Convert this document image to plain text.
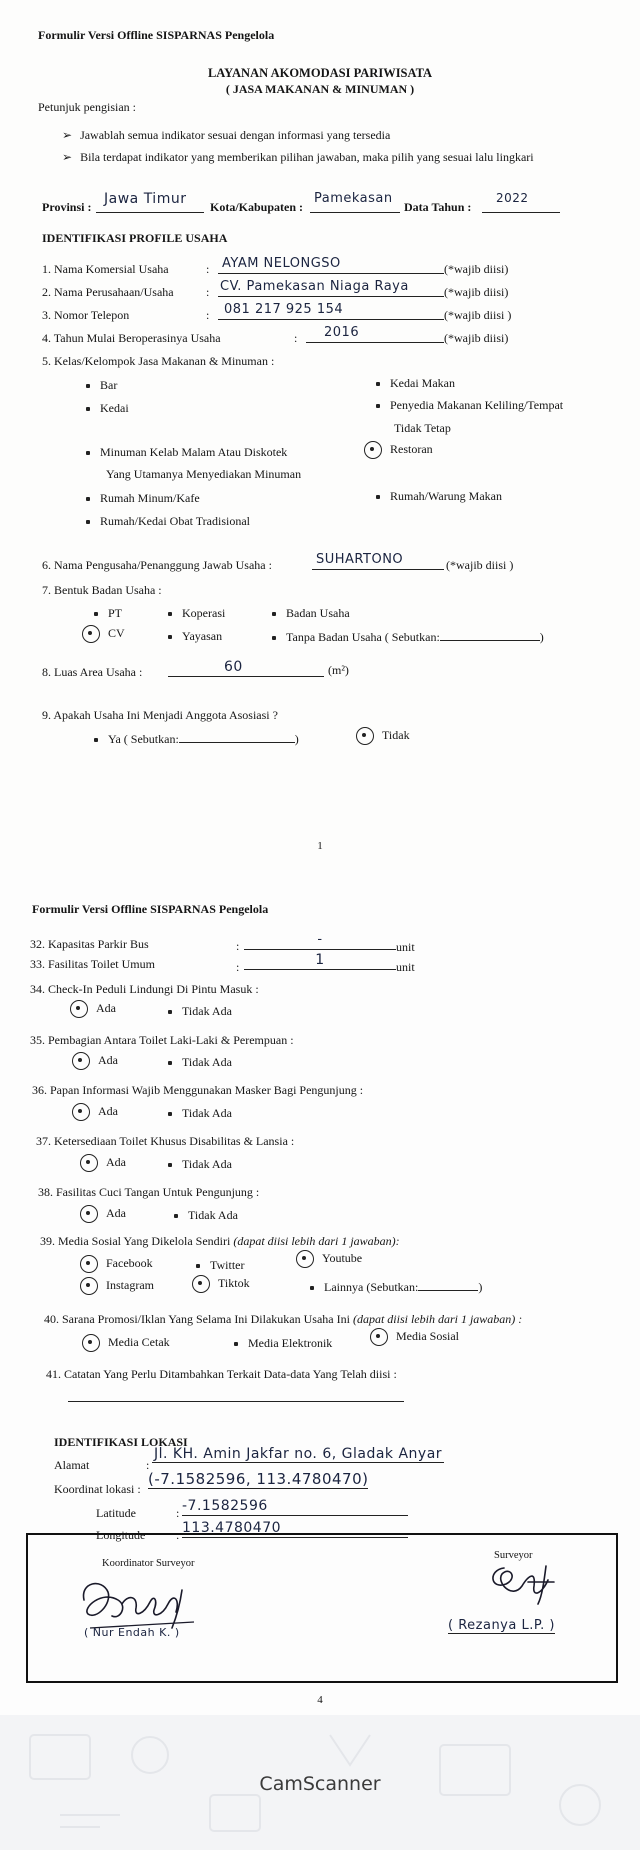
Formulir Versi Offline SISPARNAS Pengelola
LAYANAN AKOMODASI PARIWISATA
( JASA MAKANAN & MINUMAN )
Petunjuk pengisian :
➢ Jawablah semua indikator sesuai dengan informasi yang tersedia
➢ Bila terdapat indikator yang memberikan pilihan jawaban, maka pilih yang sesuai lalu lingkari
Provinsi : Jawa Timur	Kota/Kabupaten :
Pamekasan
Data Tahun :
2022
IDENTIFIKASI PROFILE USAHA
1. Nama Komersial Usaha	: AYAM NELONGSO	(*wajib diisi)
2. Nama Perusahaan/Usaha	: CV. Pamekasan Niaga Raya	(*wajib diisi)
3. Nomor Telepon	:	081 217 925 154	(*wajib diisi )
4. Tahun Mulai Beroperasinya Usaha	:	2016	(*wajib diisi)
5. Kelas/Kelompok Jasa Makanan & Minuman :
Bar
Kedai
Minuman Kelab Malam Atau Diskotek
Yang Utamanya Menyediakan Minuman
Rumah Minum/Kafe
Rumah/Kedai Obat Tradisional
Kedai Makan
Penyedia Makanan Keliling/Tempat
Tidak Tetap
Restoran
Rumah/Warung Makan
6. Nama Pengusaha/Penanggung Jawab Usaha :	SUHARTONO	(*wajib diisi )
7. Bentuk Badan Usaha :
PT	Koperasi	Badan Usaha
CV	Yayasan	Tanpa Badan Usaha ( Sebutkan:	)
8. Luas Area Usaha :	60	(m²)
9. Apakah Usaha Ini Menjadi Anggota Asosiasi ?
Ya ( Sebutkan:	)	Tidak
1
Formulir Versi Offline SISPARNAS Pengelola
32. Kapasitas Parkir Bus	:	-	unit
33. Fasilitas Toilet Umum	:	1	unit
34. Check-In Peduli Lindungi Di Pintu Masuk :
Ada	Tidak Ada
35. Pembagian Antara Toilet Laki-Laki & Perempuan :
Ada	Tidak Ada
36. Papan Informasi Wajib Menggunakan Masker Bagi Pengunjung :
Ada	Tidak Ada
37. Ketersediaan Toilet Khusus Disabilitas & Lansia :
Ada	Tidak Ada
38. Fasilitas Cuci Tangan Untuk Pengunjung :
Ada	Tidak Ada
39. Media Sosial Yang Dikelola Sendiri (dapat diisi lebih dari 1 jawaban):
Facebook	Twitter
Youtube
Instagram	Tiktok	Lainnya (Sebutkan:	)
40. Sarana Promosi/Iklan Yang Selama Ini Dilakukan Usaha Ini (dapat diisi lebih dari 1 jawaban) :
Media Cetak	Media Elektronik
Media Sosial
41. Catatan Yang Perlu Ditambahkan Terkait Data-data Yang Telah diisi :
IDENTIFIKASI LOKASI
Alamat	:
Jl. KH. Amin Jakfar no. 6, Gladak Anyar
Koordinat lokasi :
(-7.1582596, 113.4780470)
Latitude	: -7.1582596
Longitude	: 113.4780470
Koordinator Surveyor
( Nur Endah K. )
Surveyor
( Rezanya L.P. )
4
CamScanner
